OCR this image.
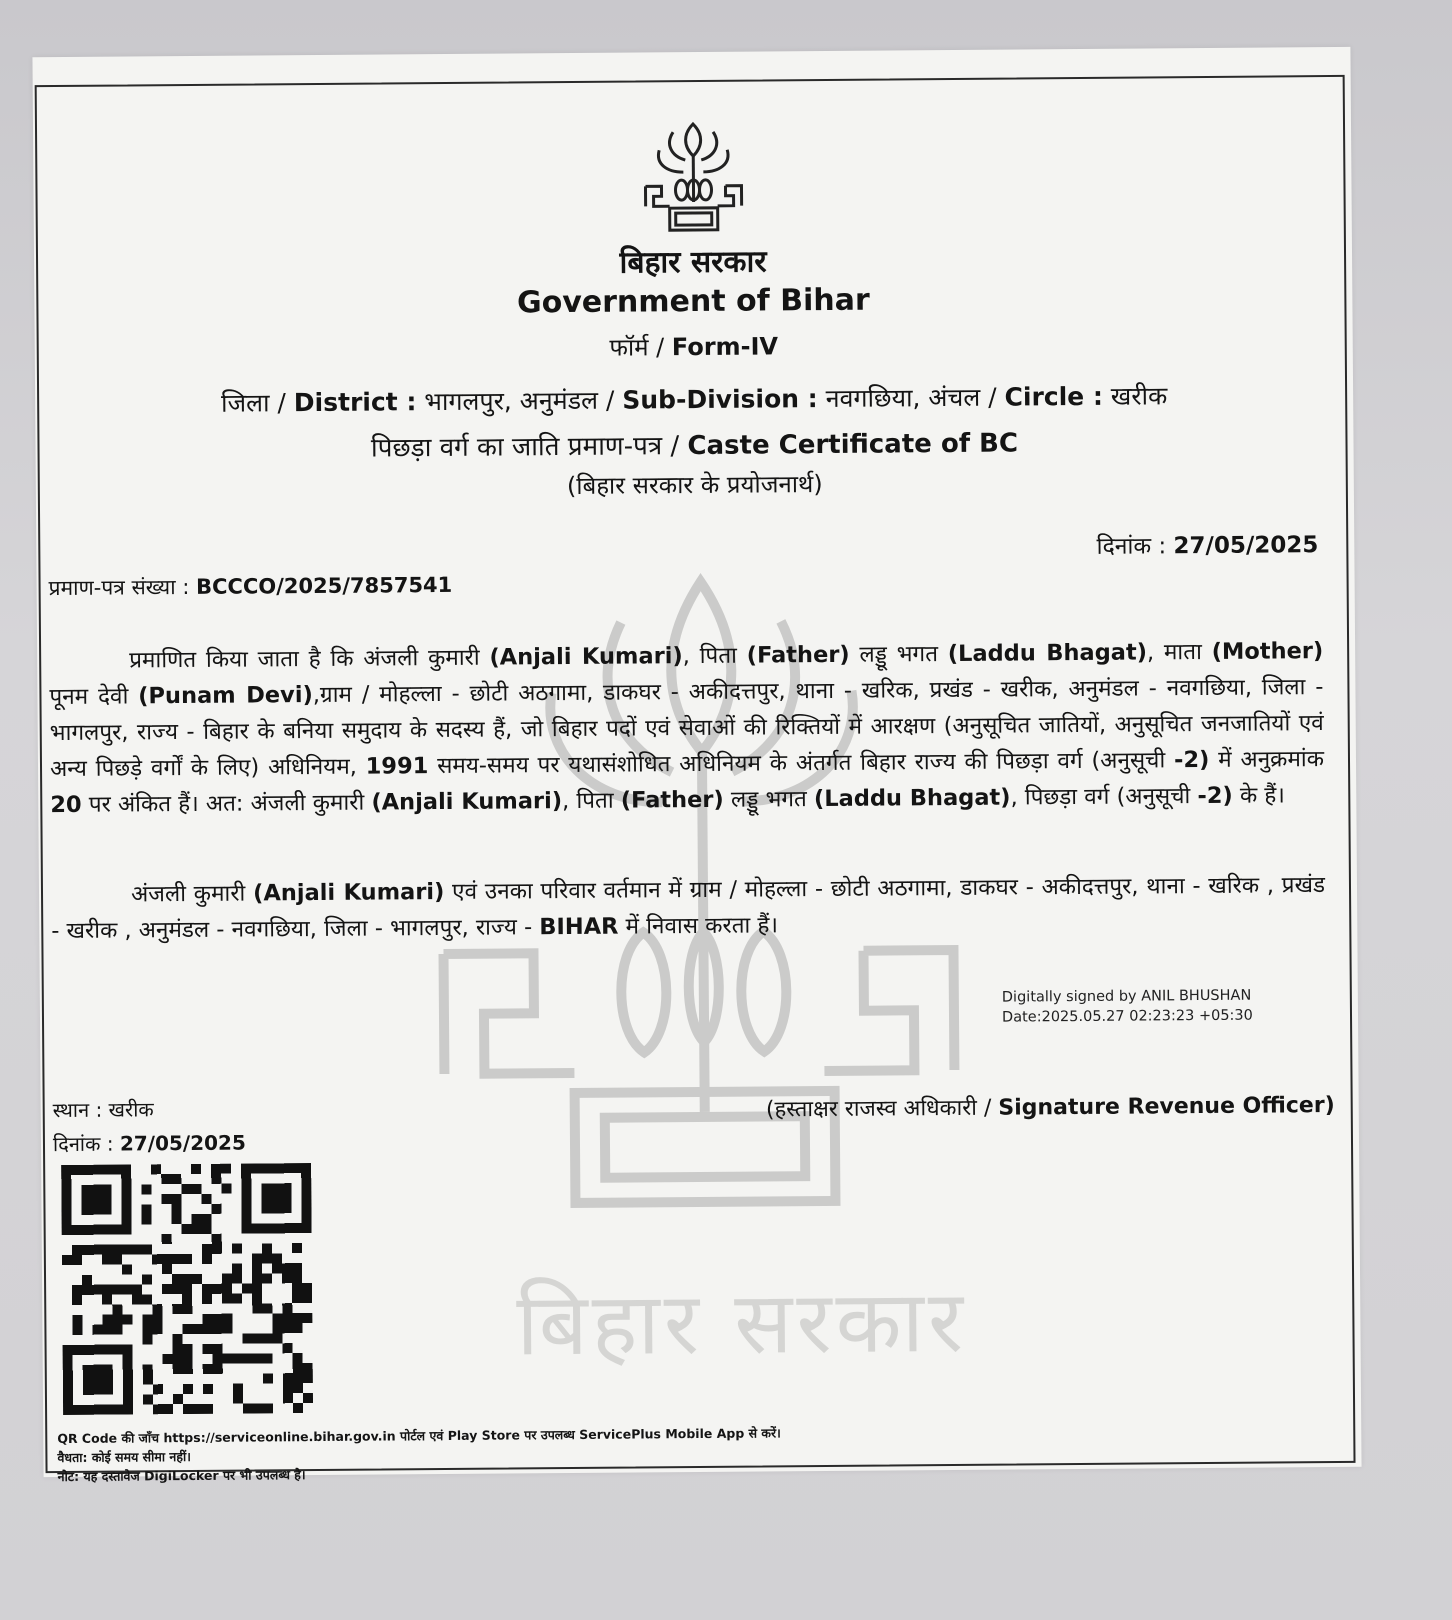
बिहार सरकार
बिहार सरकार
Government of Bihar
फॉर्म / Form-IV
जिला / District : भागलपुर, अनुमंडल / Sub-Division : नवगछिया, अंचल / Circle : खरीक
पिछड़ा वर्ग का जाति प्रमाण-पत्र / Caste Certificate of BC
(बिहार सरकार के प्रयोजनार्थ)
दिनांक : 27/05/2025
प्रमाण-पत्र संख्या : BCCCO/2025/7857541
प्रमाणित किया जाता है कि अंजली कुमारी (Anjali Kumari), पिता (Father) लड्डू भगत (Laddu Bhagat), माता (Mother) पूनम देवी (Punam Devi),ग्राम / मोहल्ला - छोटी अठगामा, डाकघर - अकीदत्तपुर, थाना - खरिक, प्रखंड - खरीक, अनुमंडल - नवगछिया, जिला - भागलपुर, राज्य - बिहार के बनिया समुदाय के सदस्य हैं, जो बिहार पदों एवं सेवाओं की रिक्तियों में आरक्षण (अनुसूचित जातियों, अनुसूचित जनजातियों एवं अन्य पिछड़े वर्गों के लिए) अधिनियम, 1991 समय-समय पर यथासंशोधित अधिनियम के अंतर्गत बिहार राज्य की पिछड़ा वर्ग (अनुसूची -2) में अनुक्रमांक 20 पर अंकित हैं। अत: अंजली कुमारी (Anjali Kumari), पिता (Father) लड्डू भगत (Laddu Bhagat), पिछड़ा वर्ग (अनुसूची -2) के हैं।
अंजली कुमारी (Anjali Kumari) एवं उनका परिवार वर्तमान में ग्राम / मोहल्ला - छोटी अठगामा, डाकघर - अकीदत्तपुर, थाना - खरिक , प्रखंड - खरीक , अनुमंडल - नवगछिया, जिला - भागलपुर, राज्य - BIHAR में निवास करता हैं।
Digitally signed by ANIL BHUSHAN
Date:2025.05.27 02:23:23 +05:30
स्थान : खरीक
दिनांक : 27/05/2025
(हस्ताक्षर राजस्व अधिकारी / Signature Revenue Officer)
QR Code की जाँच https://serviceonline.bihar.gov.in पोर्टल एवं Play Store पर उपलब्ध ServicePlus Mobile App से करें।
वैधता: कोई समय सीमा नहीं।
नोट: यह दस्तावेज DigiLocker पर भी उपलब्ध है।
